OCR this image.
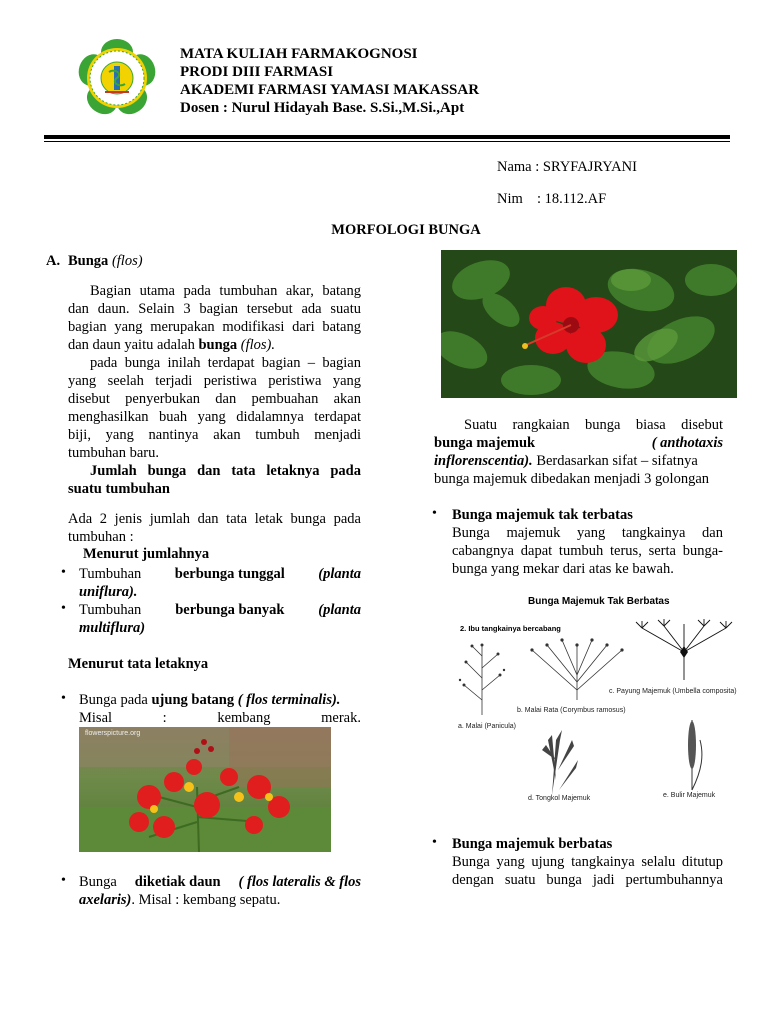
MATA KULIAH FARMAKOGNOSI
PRODI DIII FARMASI
AKADEMI FARMASI YAMASI MAKASSAR
Dosen : Nurul Hidayah Base. S.Si.,M.Si.,Apt
Nama : SRYFAJRYANI
Nim : 18.112.AF
MORFOLOGI BUNGA
A. Bunga (flos)
Bagian utama pada tumbuhan akar, batang
dan daun. Selain 3 bagian tersebut ada suatu
bagian yang merupakan modifikasi dari batang
dan daun yaitu adalah bunga (flos).
pada bunga inilah terdapat bagian – bagian
yang seelah terjadi peristiwa peristiwa yang
disebut penyerbukan dan pembuahan akan
menghasilkan buah yang didalamnya terdapat
biji, yang nantinya akan tumbuh menjadi
tumbuhan baru.
Jumlah bunga dan tata letaknya pada
suatu tumbuhan
Ada 2 jenis jumlah dan tata letak bunga pada
tumbuhan :
Menurut jumlahnya
• Tumbuhan berbunga tunggal (planta
uniflura).
• Tumbuhan berbunga banyak (planta
multiflura)
Menurut tata letaknya
• Bunga pada ujung batang ( flos terminalis).
Misal	:	kembang	merak.
flowerspicture.org
• Bunga diketiak daun ( flos lateralis & flos
axelaris). Misal : kembang sepatu.
Suatu rangkaian bunga biasa disebut
bunga majemuk	( anthotaxis
inflorenscentia). Berdasarkan sifat – sifatnya
bunga majemuk dibedakan menjadi 3 golongan
• Bunga majemuk tak terbatas
Bunga majemuk yang tangkainya dan
cabangnya dapat tumbuh terus, serta bunga-
bunga yang mekar dari atas ke bawah.
Bunga Majemuk Tak Berbatas
2. Ibu tangkainya bercabang
a. Malai (Panicula)
b. Malai Rata (Corymbus ramosus)
c. Payung Majemuk (Umbella composita)
d. Tongkol Majemuk	e. Bulir Majemuk
• Bunga majemuk berbatas
Bunga yang ujung tangkainya selalu ditutup
dengan suatu bunga jadi pertumbuhannya
